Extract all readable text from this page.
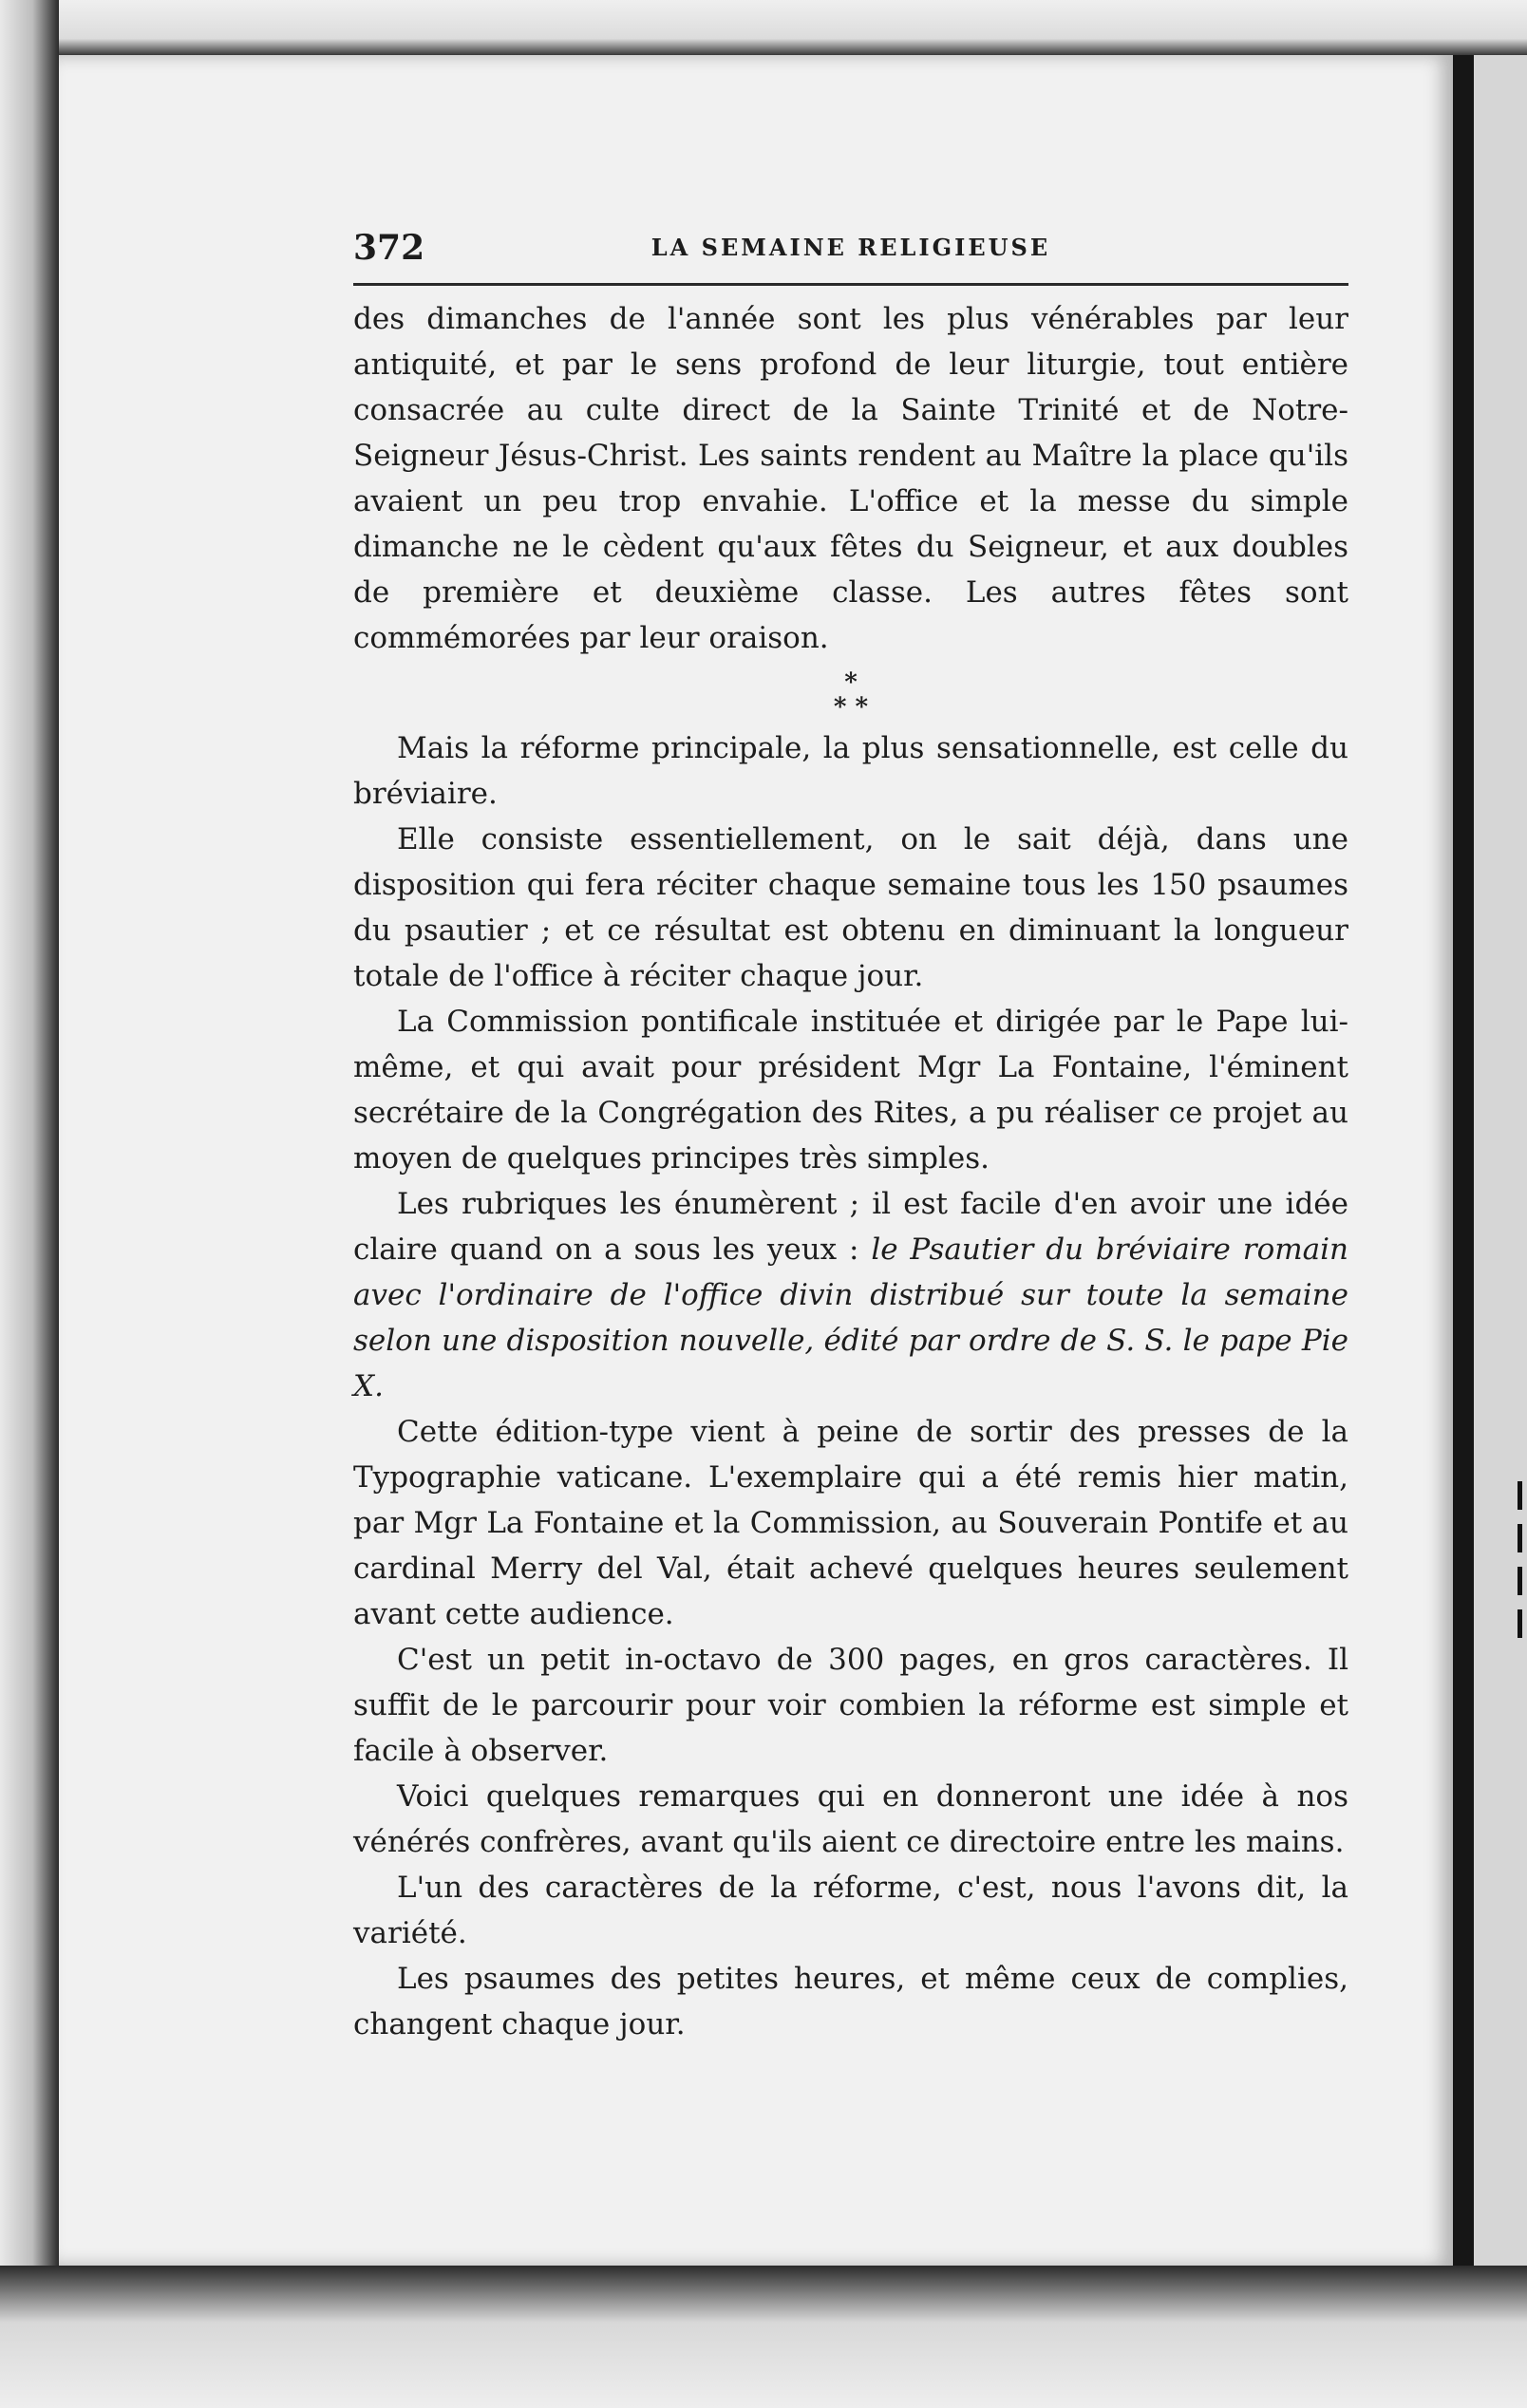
372	LA SEMAINE RELIGIEUSE

des dimanches de l'année sont les plus vénérables par leur antiquité, et par le sens profond de leur liturgie, tout entière consacrée au culte direct de la Sainte Trinité et de Notre-Seigneur Jésus-Christ. Les saints rendent au Maître la place qu'ils avaient un peu trop envahie. L'office et la messe du simple dimanche ne le cèdent qu'aux fêtes du Seigneur, et aux doubles de première et deuxième classe. Les autres fêtes sont commémorées par leur oraison.

*
* *

Mais la réforme principale, la plus sensationnelle, est celle du bréviaire.

Elle consiste essentiellement, on le sait déjà, dans une disposition qui fera réciter chaque semaine tous les 150 psaumes du psautier ; et ce résultat est obtenu en diminuant la longueur totale de l'office à réciter chaque jour.

La Commission pontificale instituée et dirigée par le Pape lui-même, et qui avait pour président Mgr La Fontaine, l'éminent secrétaire de la Congrégation des Rites, a pu réaliser ce projet au moyen de quelques principes très simples.

Les rubriques les énumèrent ; il est facile d'en avoir une idée claire quand on a sous les yeux : le Psautier du bréviaire romain avec l'ordinaire de l'office divin distribué sur toute la semaine selon une disposition nouvelle, édité par ordre de S. S. le pape Pie X.

Cette édition-type vient à peine de sortir des presses de la Typographie vaticane. L'exemplaire qui a été remis hier matin, par Mgr La Fontaine et la Commission, au Souverain Pontife et au cardinal Merry del Val, était achevé quelques heures seulement avant cette audience.

C'est un petit in-octavo de 300 pages, en gros caractères. Il suffit de le parcourir pour voir combien la réforme est simple et facile à observer.

Voici quelques remarques qui en donneront une idée à nos vénérés confrères, avant qu'ils aient ce directoire entre les mains.

L'un des caractères de la réforme, c'est, nous l'avons dit, la variété.

Les psaumes des petites heures, et même ceux de complies, changent chaque jour.
